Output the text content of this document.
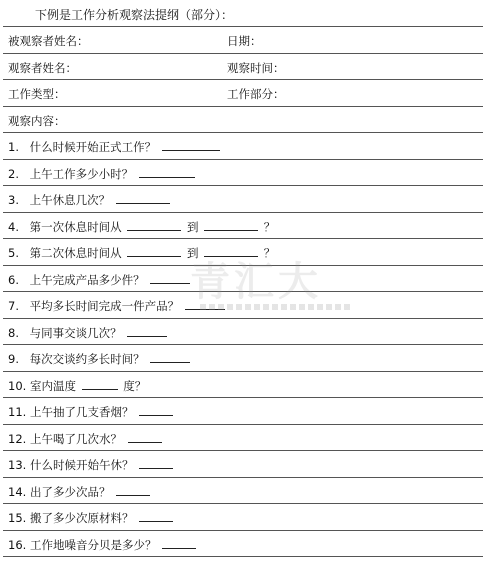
下例是工作分析观察法提纲（部分）：
被观察者姓名：	日期：
观察者姓名：	观察时间：
工作类型：	工作部分：
观察内容：
1. 什么时候开始正式工作？
2. 上午工作多少小时？
3. 上午休息几次？
4. 第一次休息时间从	到	？
5. 第二次休息时间从	到	？
6. 上午完成产品多少件？
7. 平均多长时间完成一件产品？
8. 与同事交谈几次？
9. 每次交谈约多长时间？
10. 室内温度	度？
11. 上午抽了几支香烟？
12. 上午喝了几次水？
13. 什么时候开始午休？
14. 出了多少次品？
15. 搬了多少次原材料？
16. 工作地噪音分贝是多少？
青汇大
